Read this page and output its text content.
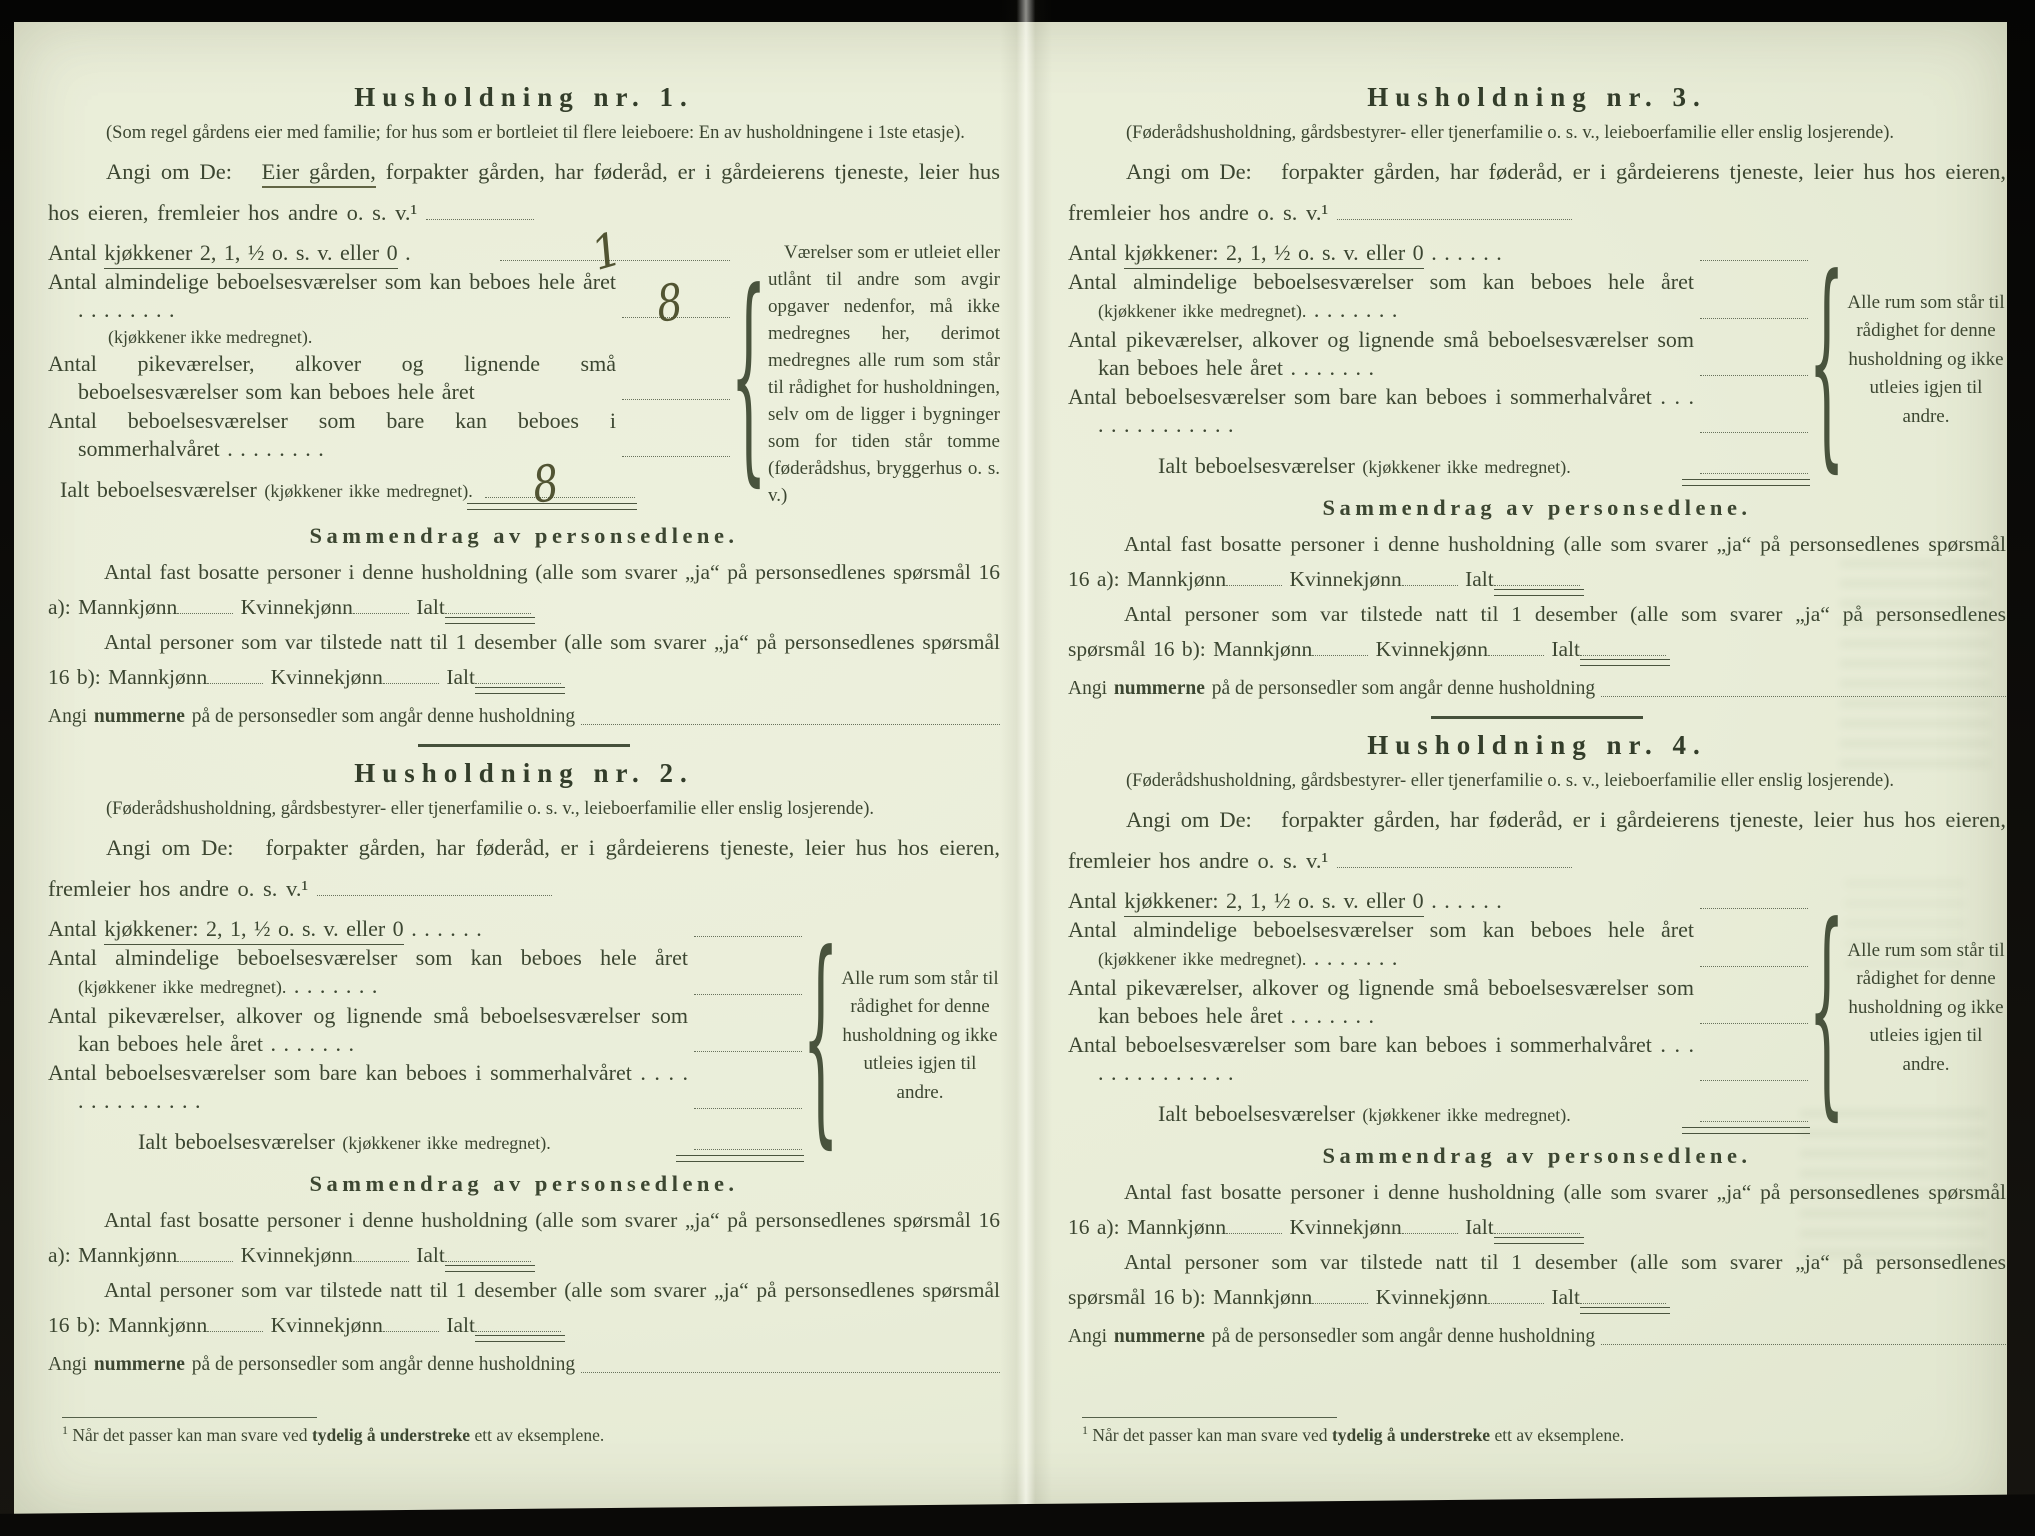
Husholdning nr. 1.

(Som regel gårdens eier med familie; for hus som er bortleiet til flere leieboere: En av husholdningene i 1ste etasje).

Angi om De: Eier gården, forpakter gården, har føderåd, er i gårdeierens tjeneste, leier hus hos eieren, fremleier hos andre o. s. v.¹

Antal kjøkkener 2, 1, ½ o. s. v. eller 0 .	1
Antal almindelige beboelsesværelser som kan beboes hele året . . . . . . . .	8
(kjøkkener ikke medregnet).
Antal pikeværelser, alkover og lignende små beboelsesværelser som kan beboes hele året
Antal beboelsesværelser som bare kan beboes i sommerhalvåret . . . . . . . .
Ialt beboelsesværelser (kjøkkener ikke medregnet).	8	{ Værelser som er utleiet eller utlånt til andre som avgir opgaver nedenfor, må ikke medregnes her, derimot medregnes alle rum som står til rådighet for husholdningen, selv om de ligger i bygninger som for tiden står tomme (føderådshus, bryggerhus o. s. v.)
Sammendrag av personsedlene.

Antal fast bosatte personer i denne husholdning (alle som svarer „ja“ på personsedlenes spørsmål 16 a): Mannkjønn	Kvinnekjønn	Ialt

Antal personer som var tilstede natt til 1 desember (alle som svarer „ja“ på personsedlenes spørsmål 16 b): Mannkjønn	Kvinnekjønn	Ialt

Angi nummerne på de personsedler som angår denne husholdning
Husholdning nr. 2.

(Føderådshusholdning, gårdsbestyrer- eller tjenerfamilie o. s. v., leieboerfamilie eller enslig losjerende).

Angi om De: forpakter gården, har føderåd, er i gårdeierens tjeneste, leier hus hos eieren, fremleier hos andre o. s. v.¹

Antal kjøkkener: 2, 1, ½ o. s. v. eller 0 . . . . . .
Antal almindelige beboelsesværelser som kan beboes hele året (kjøkkener ikke medregnet). . . . . . . .
Antal pikeværelser, alkover og lignende små beboelsesværelser som kan beboes hele året . . . . . . .
Antal beboelsesværelser som bare kan beboes i sommerhalvåret . . . . . . . . . . . . . .
Ialt beboelsesværelser (kjøkkener ikke medregnet).	{ Alle rum som står til rådighet for denne husholdning og ikke utleies igjen til andre.
Sammendrag av personsedlene.

Antal fast bosatte personer i denne husholdning (alle som svarer „ja“ på personsedlenes spørsmål 16 a): Mannkjønn	Kvinnekjønn	Ialt

Antal personer som var tilstede natt til 1 desember (alle som svarer „ja“ på personsedlenes spørsmål 16 b): Mannkjønn	Kvinnekjønn	Ialt

Angi nummerne på de personsedler som angår denne husholdning
$^1$ Når det passer kan man svare ved tydelig å understreke ett av eksemplene.
Husholdning nr. 3.

(Føderådshusholdning, gårdsbestyrer- eller tjenerfamilie o. s. v., leieboerfamilie eller enslig losjerende).

Angi om De: forpakter gården, har føderåd, er i gårdeierens tjeneste, leier hus hos eieren, fremleier hos andre o. s. v.¹

Antal kjøkkener: 2, 1, ½ o. s. v. eller 0 . . . . . .
Antal almindelige beboelsesværelser som kan beboes hele året (kjøkkener ikke medregnet). . . . . . . .
Antal pikeværelser, alkover og lignende små beboelsesværelser som kan beboes hele året . . . . . . .
Antal beboelsesværelser som bare kan beboes i sommerhalvåret . . . . . . . . . . . . . .
Ialt beboelsesværelser (kjøkkener ikke medregnet).	{ Alle rum som står til rådighet for denne husholdning og ikke utleies igjen til andre.
Sammendrag av personsedlene.

Antal fast bosatte personer i denne husholdning (alle som svarer „ja“ på personsedlenes spørsmål 16 a): Mannkjønn	Kvinnekjønn	Ialt

Antal personer som var tilstede natt til 1 desember (alle som svarer „ja“ på personsedlenes spørsmål 16 b): Mannkjønn	Kvinnekjønn	Ialt

Angi nummerne på de personsedler som angår denne husholdning
Husholdning nr. 4.

(Føderådshusholdning, gårdsbestyrer- eller tjenerfamilie o. s. v., leieboerfamilie eller enslig losjerende).

Angi om De: forpakter gården, har føderåd, er i gårdeierens tjeneste, leier hus hos eieren, fremleier hos andre o. s. v.¹

Antal kjøkkener: 2, 1, ½ o. s. v. eller 0 . . . . . .
Antal almindelige beboelsesværelser som kan beboes hele året (kjøkkener ikke medregnet). . . . . . . .
Antal pikeværelser, alkover og lignende små beboelsesværelser som kan beboes hele året . . . . . . .
Antal beboelsesværelser som bare kan beboes i sommerhalvåret . . . . . . . . . . . . . .
Ialt beboelsesværelser (kjøkkener ikke medregnet).	{ Alle rum som står til rådighet for denne husholdning og ikke utleies igjen til andre.
Sammendrag av personsedlene.

Antal fast bosatte personer i denne husholdning (alle som svarer „ja“ på personsedlenes spørsmål 16 a): Mannkjønn	Kvinnekjønn	Ialt

Antal personer som var tilstede natt til 1 desember (alle som svarer „ja“ på personsedlenes spørsmål 16 b): Mannkjønn	Kvinnekjønn	Ialt

Angi nummerne på de personsedler som angår denne husholdning
$^1$ Når det passer kan man svare ved tydelig å understreke ett av eksemplene.
